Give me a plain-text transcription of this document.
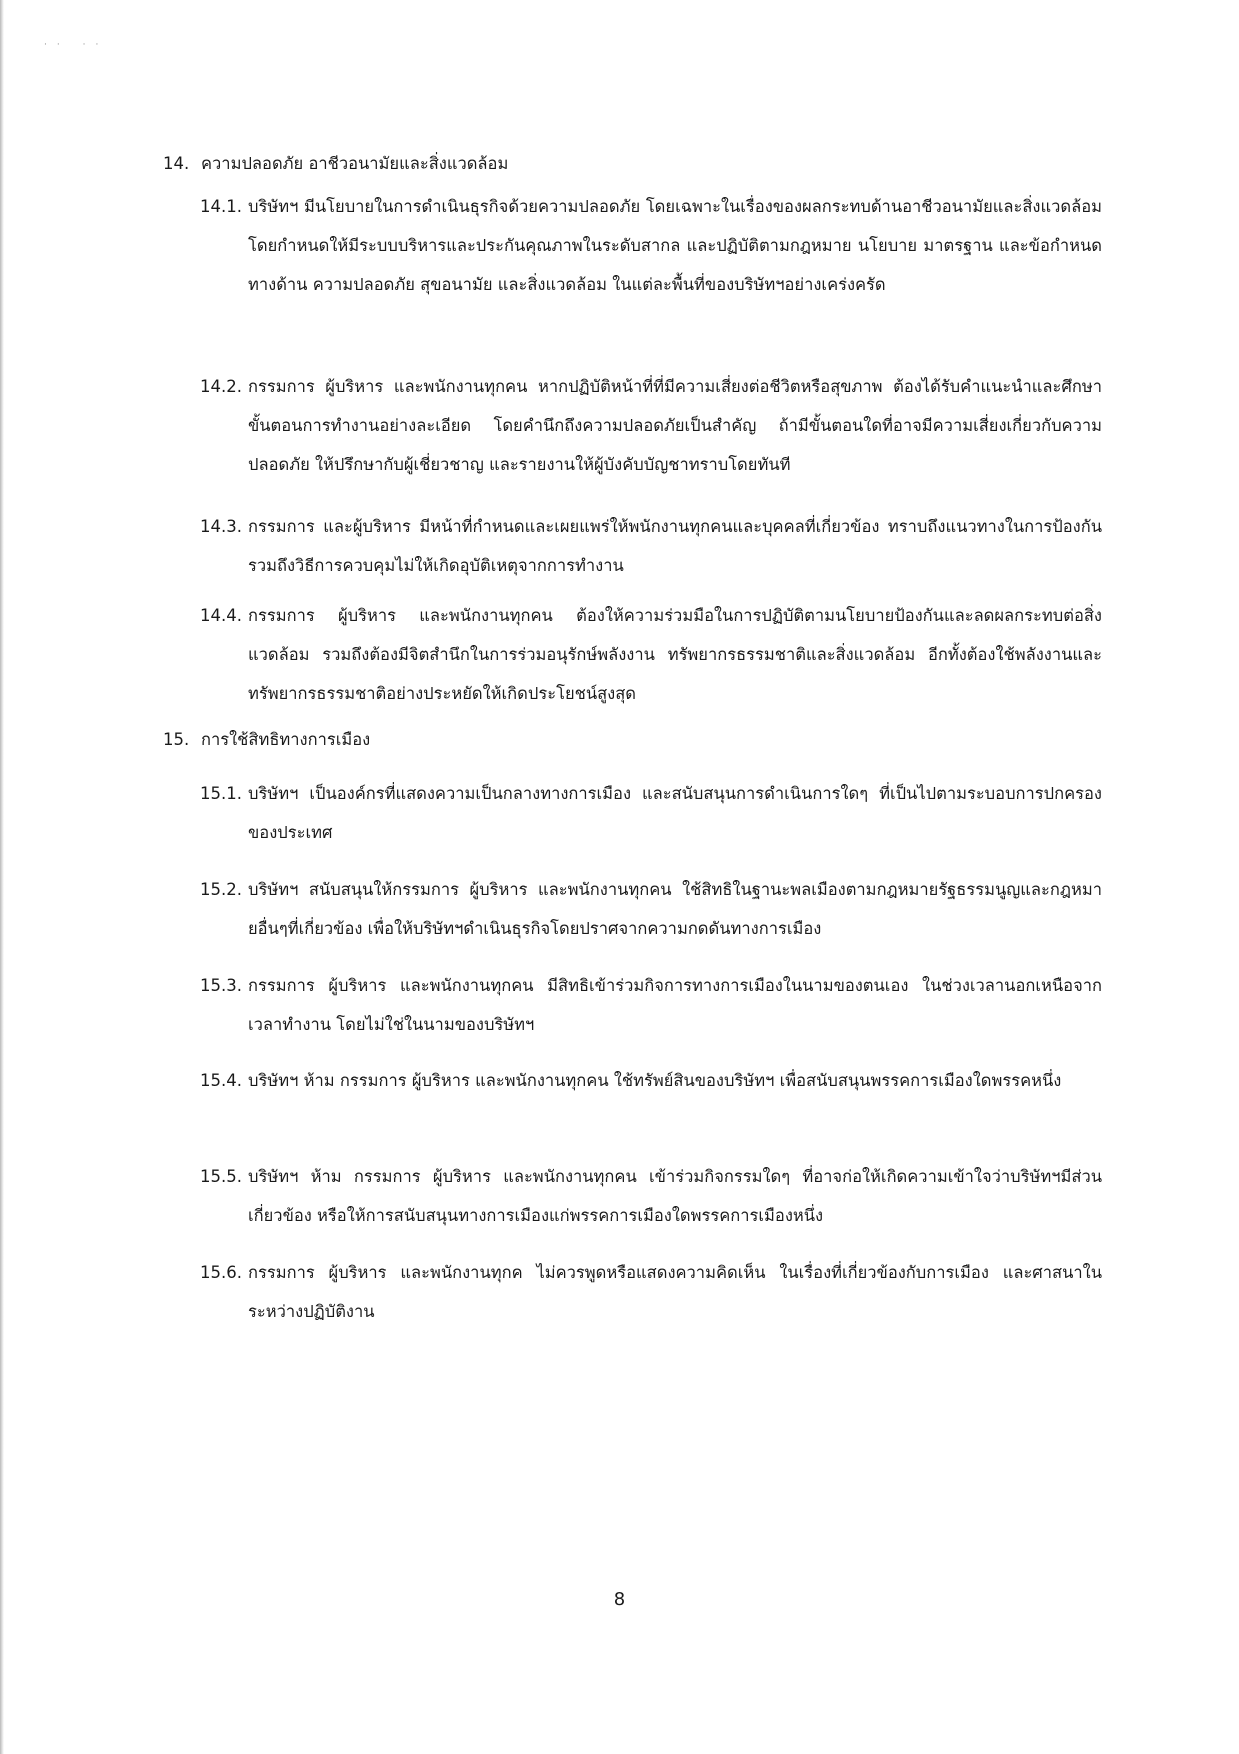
·· ··
14. ความปลอดภัย อาชีวอนามัยและสิ่งแวดล้อม
14.1. บริษัทฯ มีนโยบายในการดำเนินธุรกิจด้วยความปลอดภัย โดยเฉพาะในเรื่องของผลกระทบด้านอาชีวอนามัยและสิ่งแวดล้อม โดยกำหนดให้มีระบบบริหารและประกันคุณภาพในระดับสากล และปฏิบัติตามกฎหมาย นโยบาย มาตรฐาน และข้อกำหนดทางด้าน ความปลอดภัย สุขอนามัย และสิ่งแวดล้อม ในแต่ละพื้นที่ของบริษัทฯอย่างเคร่งครัด
14.2. กรรมการ ผู้บริหาร และพนักงานทุกคน หากปฏิบัติหน้าที่ที่มีความเสี่ยงต่อชีวิตหรือสุขภาพ ต้องได้รับคำแนะนำและศึกษาขั้นตอนการทำงานอย่างละเอียด โดยคำนึกถึงความปลอดภัยเป็นสำคัญ ถ้ามีขั้นตอนใดที่อาจมีความเสี่ยงเกี่ยวกับความปลอดภัย ให้ปรึกษากับผู้เชี่ยวชาญ และรายงานให้ผู้บังคับบัญชาทราบโดยทันที
14.3. กรรมการ และผู้บริหาร มีหน้าที่กำหนดและเผยแพร่ให้พนักงานทุกคนและบุคคลที่เกี่ยวข้อง ทราบถึงแนวทางในการป้องกัน รวมถึงวิธีการควบคุมไม่ให้เกิดอุบัติเหตุจากการทำงาน
14.4. กรรมการ ผู้บริหาร และพนักงานทุกคน ต้องให้ความร่วมมือในการปฏิบัติตามนโยบายป้องกันและลดผลกระทบต่อสิ่งแวดล้อม รวมถึงต้องมีจิตสำนึกในการร่วมอนุรักษ์พลังงาน ทรัพยากรธรรมชาติและสิ่งแวดล้อม อีกทั้งต้องใช้พลังงานและทรัพยากรธรรมชาติอย่างประหยัดให้เกิดประโยชน์สูงสุด
15. การใช้สิทธิทางการเมือง
15.1. บริษัทฯ เป็นองค์กรที่แสดงความเป็นกลางทางการเมือง และสนับสนุนการดำเนินการใดๆ ที่เป็นไปตามระบอบการปกครองของประเทศ
15.2. บริษัทฯ สนับสนุนให้กรรมการ ผู้บริหาร และพนักงานทุกคน ใช้สิทธิในฐานะพลเมืองตามกฎหมายรัฐธรรมนูญและกฎหมายอื่นๆที่เกี่ยวข้อง เพื่อให้บริษัทฯดำเนินธุรกิจโดยปราศจากความกดดันทางการเมือง
15.3. กรรมการ ผู้บริหาร และพนักงานทุกคน มีสิทธิเข้าร่วมกิจการทางการเมืองในนามของตนเอง ในช่วงเวลานอกเหนือจากเวลาทำงาน โดยไม่ใช่ในนามของบริษัทฯ
15.4. บริษัทฯ ห้าม กรรมการ ผู้บริหาร และพนักงานทุกคน ใช้ทรัพย์สินของบริษัทฯ เพื่อสนับสนุนพรรคการเมืองใดพรรคหนึ่ง
15.5. บริษัทฯ ห้าม กรรมการ ผู้บริหาร และพนักงานทุกคน เข้าร่วมกิจกรรมใดๆ ที่อาจก่อให้เกิดความเข้าใจว่าบริษัทฯมีส่วนเกี่ยวข้อง หรือให้การสนับสนุนทางการเมืองแก่พรรคการเมืองใดพรรคการเมืองหนึ่ง
15.6. กรรมการ ผู้บริหาร และพนักงานทุกค ไม่ควรพูดหรือแสดงความคิดเห็น ในเรื่องที่เกี่ยวข้องกับการเมือง และศาสนาในระหว่างปฏิบัติงาน
8
